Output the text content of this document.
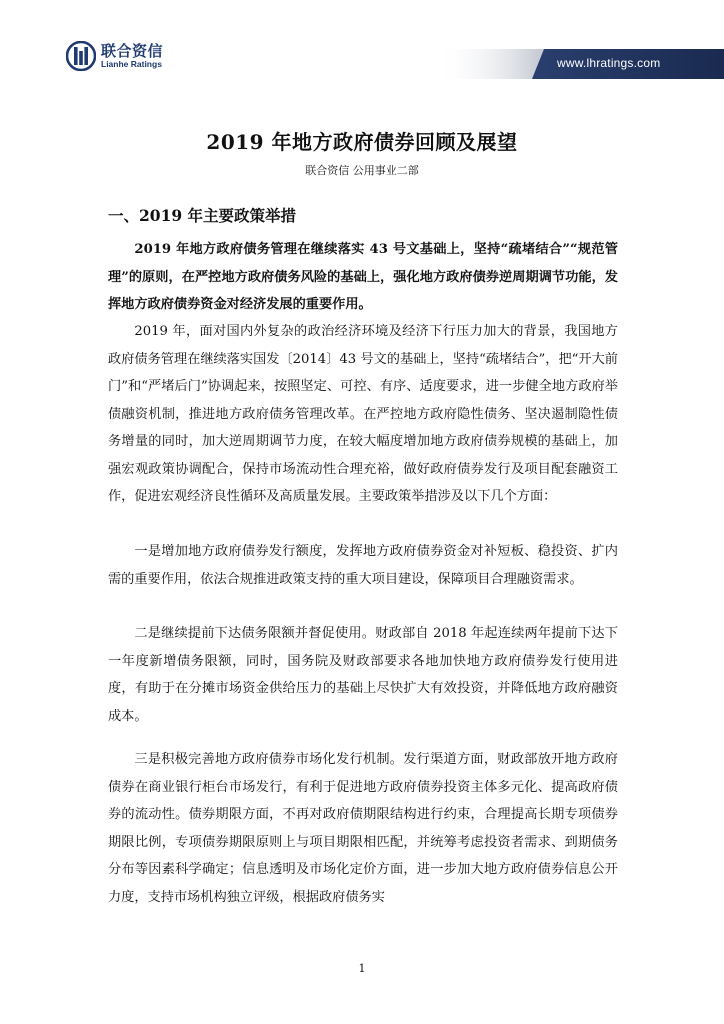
联合资信
Lianhe Ratings	www.lhratings.com
2019 年地方政府债券回顾及展望
联合资信 公用事业二部
一、2019 年主要政策举措

2019 年地方政府债务管理在继续落实 43 号文基础上，坚持“疏堵结合”“规范管理”的原则，在严控地方政府债务风险的基础上，强化地方政府债券逆周期调节功能，发挥地方政府债券资金对经济发展的重要作用。

2019 年，面对国内外复杂的政治经济环境及经济下行压力加大的背景，我国地方政府债务管理在继续落实国发〔2014〕43 号文的基础上，坚持“疏堵结合”，把“开大前门”和“严堵后门”协调起来，按照坚定、可控、有序、适度要求，进一步健全地方政府举债融资机制，推进地方政府债务管理改革。在严控地方政府隐性债务、坚决遏制隐性债务增量的同时，加大逆周期调节力度，在较大幅度增加地方政府债券规模的基础上，加强宏观政策协调配合，保持市场流动性合理充裕，做好政府债券发行及项目配套融资工作，促进宏观经济良性循环及高质量发展。主要政策举措涉及以下几个方面：

一是增加地方政府债券发行额度，发挥地方政府债券资金对补短板、稳投资、扩内需的重要作用，依法合规推进政策支持的重大项目建设，保障项目合理融资需求。

二是继续提前下达债务限额并督促使用。财政部自 2018 年起连续两年提前下达下一年度新增债务限额，同时，国务院及财政部要求各地加快地方政府债券发行使用进度，有助于在分摊市场资金供给压力的基础上尽快扩大有效投资，并降低地方政府融资成本。

三是积极完善地方政府债券市场化发行机制。发行渠道方面，财政部放开地方政府债券在商业银行柜台市场发行，有利于促进地方政府债券投资主体多元化、提高政府债券的流动性。债券期限方面，不再对政府债期限结构进行约束，合理提高长期专项债券期限比例，专项债券期限原则上与项目期限相匹配，并统筹考虑投资者需求、到期债务分布等因素科学确定；信息透明及市场化定价方面，进一步加大地方政府债券信息公开力度，支持市场机构独立评级，根据政府债务实

1
